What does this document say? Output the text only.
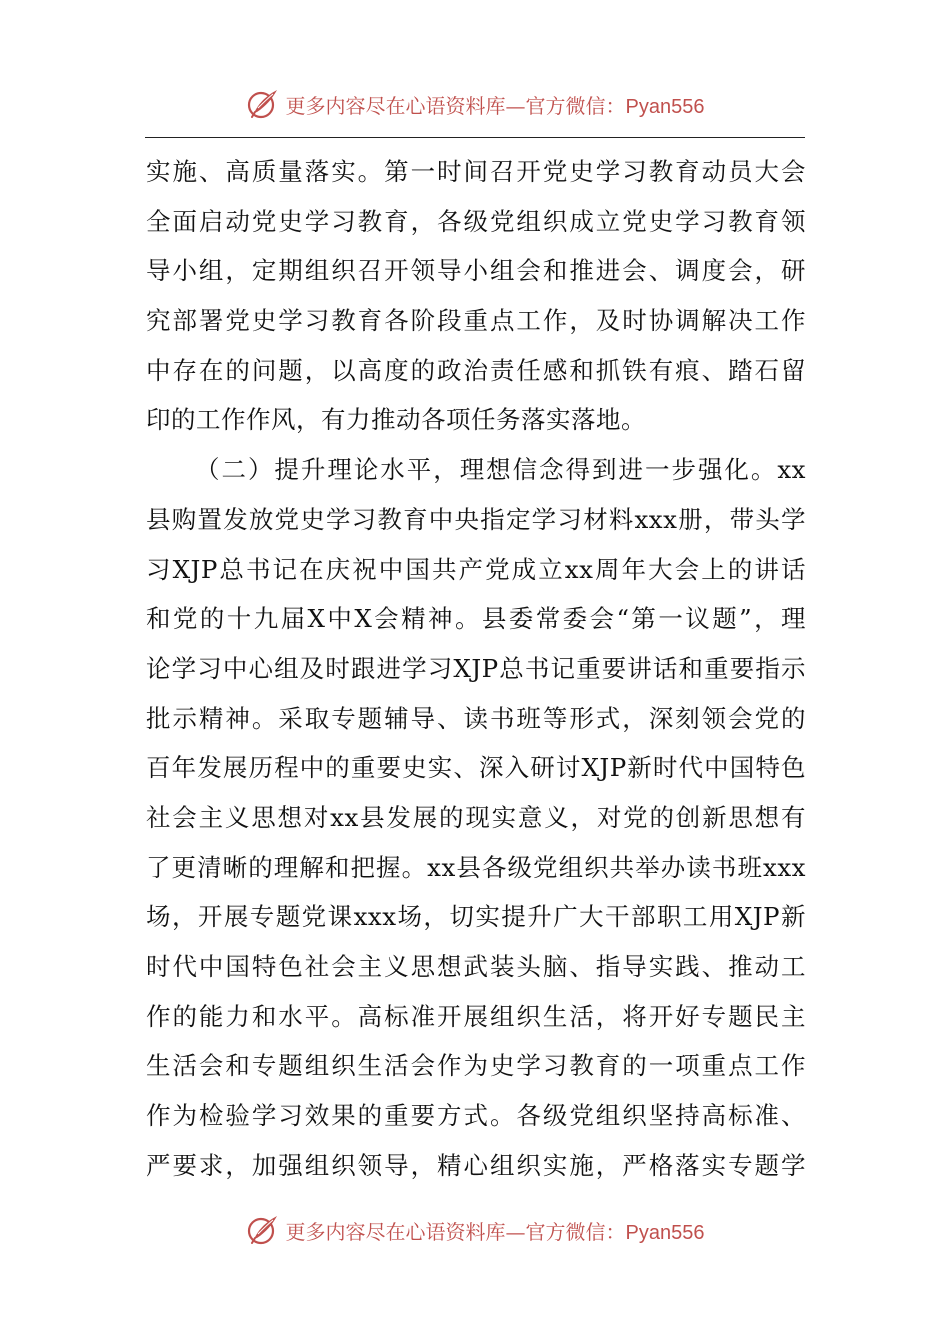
更多内容尽在心语资料库—官方微信：Pyan556
实施、高质量落实。第一时间召开党史学习教育动员大会
全面启动党史学习教育，各级党组织成立党史学习教育领
导小组，定期组织召开领导小组会和推进会、调度会，研
究部署党史学习教育各阶段重点工作，及时协调解决工作
中存在的问题，以高度的政治责任感和抓铁有痕、踏石留
印的工作作风，有力推动各项任务落实落地。
（二）提升理论水平，理想信念得到进一步强化。xx
县购置发放党史学习教育中央指定学习材料xxx册，带头学
习XJP总书记在庆祝中国共产党成立xx周年大会上的讲话
和党的十九届X中X会精神。县委常委会“第一议题”，理
论学习中心组及时跟进学习XJP总书记重要讲话和重要指示
批示精神。采取专题辅导、读书班等形式，深刻领会党的
百年发展历程中的重要史实、深入研讨XJP新时代中国特色
社会主义思想对xx县发展的现实意义，对党的创新思想有
了更清晰的理解和把握。xx县各级党组织共举办读书班xxx
场，开展专题党课xxx场，切实提升广大干部职工用XJP新
时代中国特色社会主义思想武装头脑、指导实践、推动工
作的能力和水平。高标准开展组织生活，将开好专题民主
生活会和专题组织生活会作为史学习教育的一项重点工作
作为检验学习效果的重要方式。各级党组织坚持高标准、
严要求，加强组织领导，精心组织实施，严格落实专题学
更多内容尽在心语资料库—官方微信：Pyan556
